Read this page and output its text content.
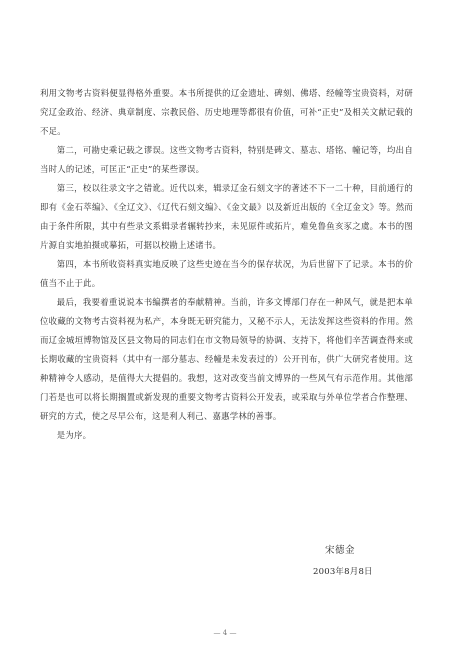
利用文物考古资料便显得格外重要。本书所提供的辽金遗址、碑刻、佛塔、经幢等宝贵资料，对研究辽金政治、经济、典章制度、宗教民俗、历史地理等都很有价值，可补“正史”及相关文献记载的不足。

第二，可勘史乘记载之谬误。这些文物考古资料，特别是碑文、墓志、塔铭、幢记等，均出自当时人的记述，可匡正“正史”的某些谬误。

第三，校以往录文字之错讹。近代以来，辑录辽金石刻文字的著述不下一二十种，目前通行的即有《金石萃编》、《全辽文》、《辽代石刻文编》、《金文最》以及新近出版的《全辽金文》等。然而由于条件所限，其中有些录文系辑录者辗转抄来，未见原件或拓片，难免鲁鱼亥豕之虞。本书的图片源自实地拍摄或摹拓，可据以校勘上述诸书。

第四，本书所收资料真实地反映了这些史迹在当今的保存状况，为后世留下了记录。本书的价值当不止于此。

最后，我要着重说说本书编撰者的奉献精神。当前，许多文博部门存在一种风气，就是把本单位收藏的文物考古资料视为私产，本身既无研究能力，又秘不示人，无法发挥这些资料的作用。然而辽金城垣博物馆及区县文物局的同志们在市文物局领导的协调、支持下，将他们辛苦调查得来或长期收藏的宝贵资料（其中有一部分墓志、经幢是未发表过的）公开刊布，供广大研究者使用。这种精神令人感动，是值得大大提倡的。我想，这对改变当前文博界的一些风气有示范作用。其他部门若是也可以将长期搁置或新发现的重要文物考古资料公开发表，或采取与外单位学者合作整理、研究的方式，使之尽早公布，这是利人利己、嘉惠学林的善事。

是为序。

宋德金
2003年8月8日
— 4 —
